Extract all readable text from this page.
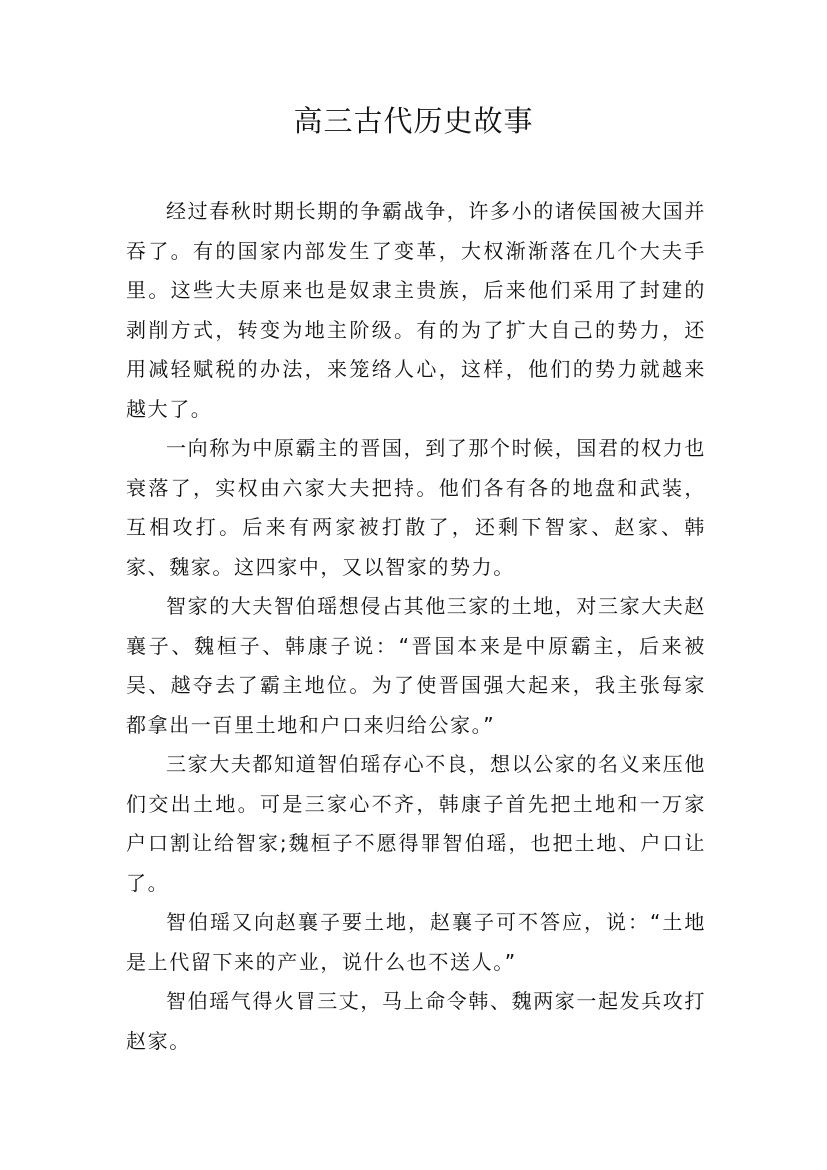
高三古代历史故事

经过春秋时期长期的争霸战争，许多小的诸侯国被大国并吞了。有的国家内部发生了变革，大权渐渐落在几个大夫手里。这些大夫原来也是奴隶主贵族，后来他们采用了封建的剥削方式，转变为地主阶级。有的为了扩大自己的势力，还用减轻赋税的办法，来笼络人心，这样，他们的势力就越来越大了。

一向称为中原霸主的晋国，到了那个时候，国君的权力也衰落了，实权由六家大夫把持。他们各有各的地盘和武装，互相攻打。后来有两家被打散了，还剩下智家、赵家、韩家、魏家。这四家中，又以智家的势力。

智家的大夫智伯瑶想侵占其他三家的土地，对三家大夫赵襄子、魏桓子、韩康子说：“晋国本来是中原霸主，后来被吴、越夺去了霸主地位。为了使晋国强大起来，我主张每家都拿出一百里土地和户口来归给公家。”

三家大夫都知道智伯瑶存心不良，想以公家的名义来压他们交出土地。可是三家心不齐，韩康子首先把土地和一万家户口割让给智家;魏桓子不愿得罪智伯瑶，也把土地、户口让了。

智伯瑶又向赵襄子要土地，赵襄子可不答应，说：“土地是上代留下来的产业，说什么也不送人。”

智伯瑶气得火冒三丈，马上命令韩、魏两家一起发兵攻打赵家。
